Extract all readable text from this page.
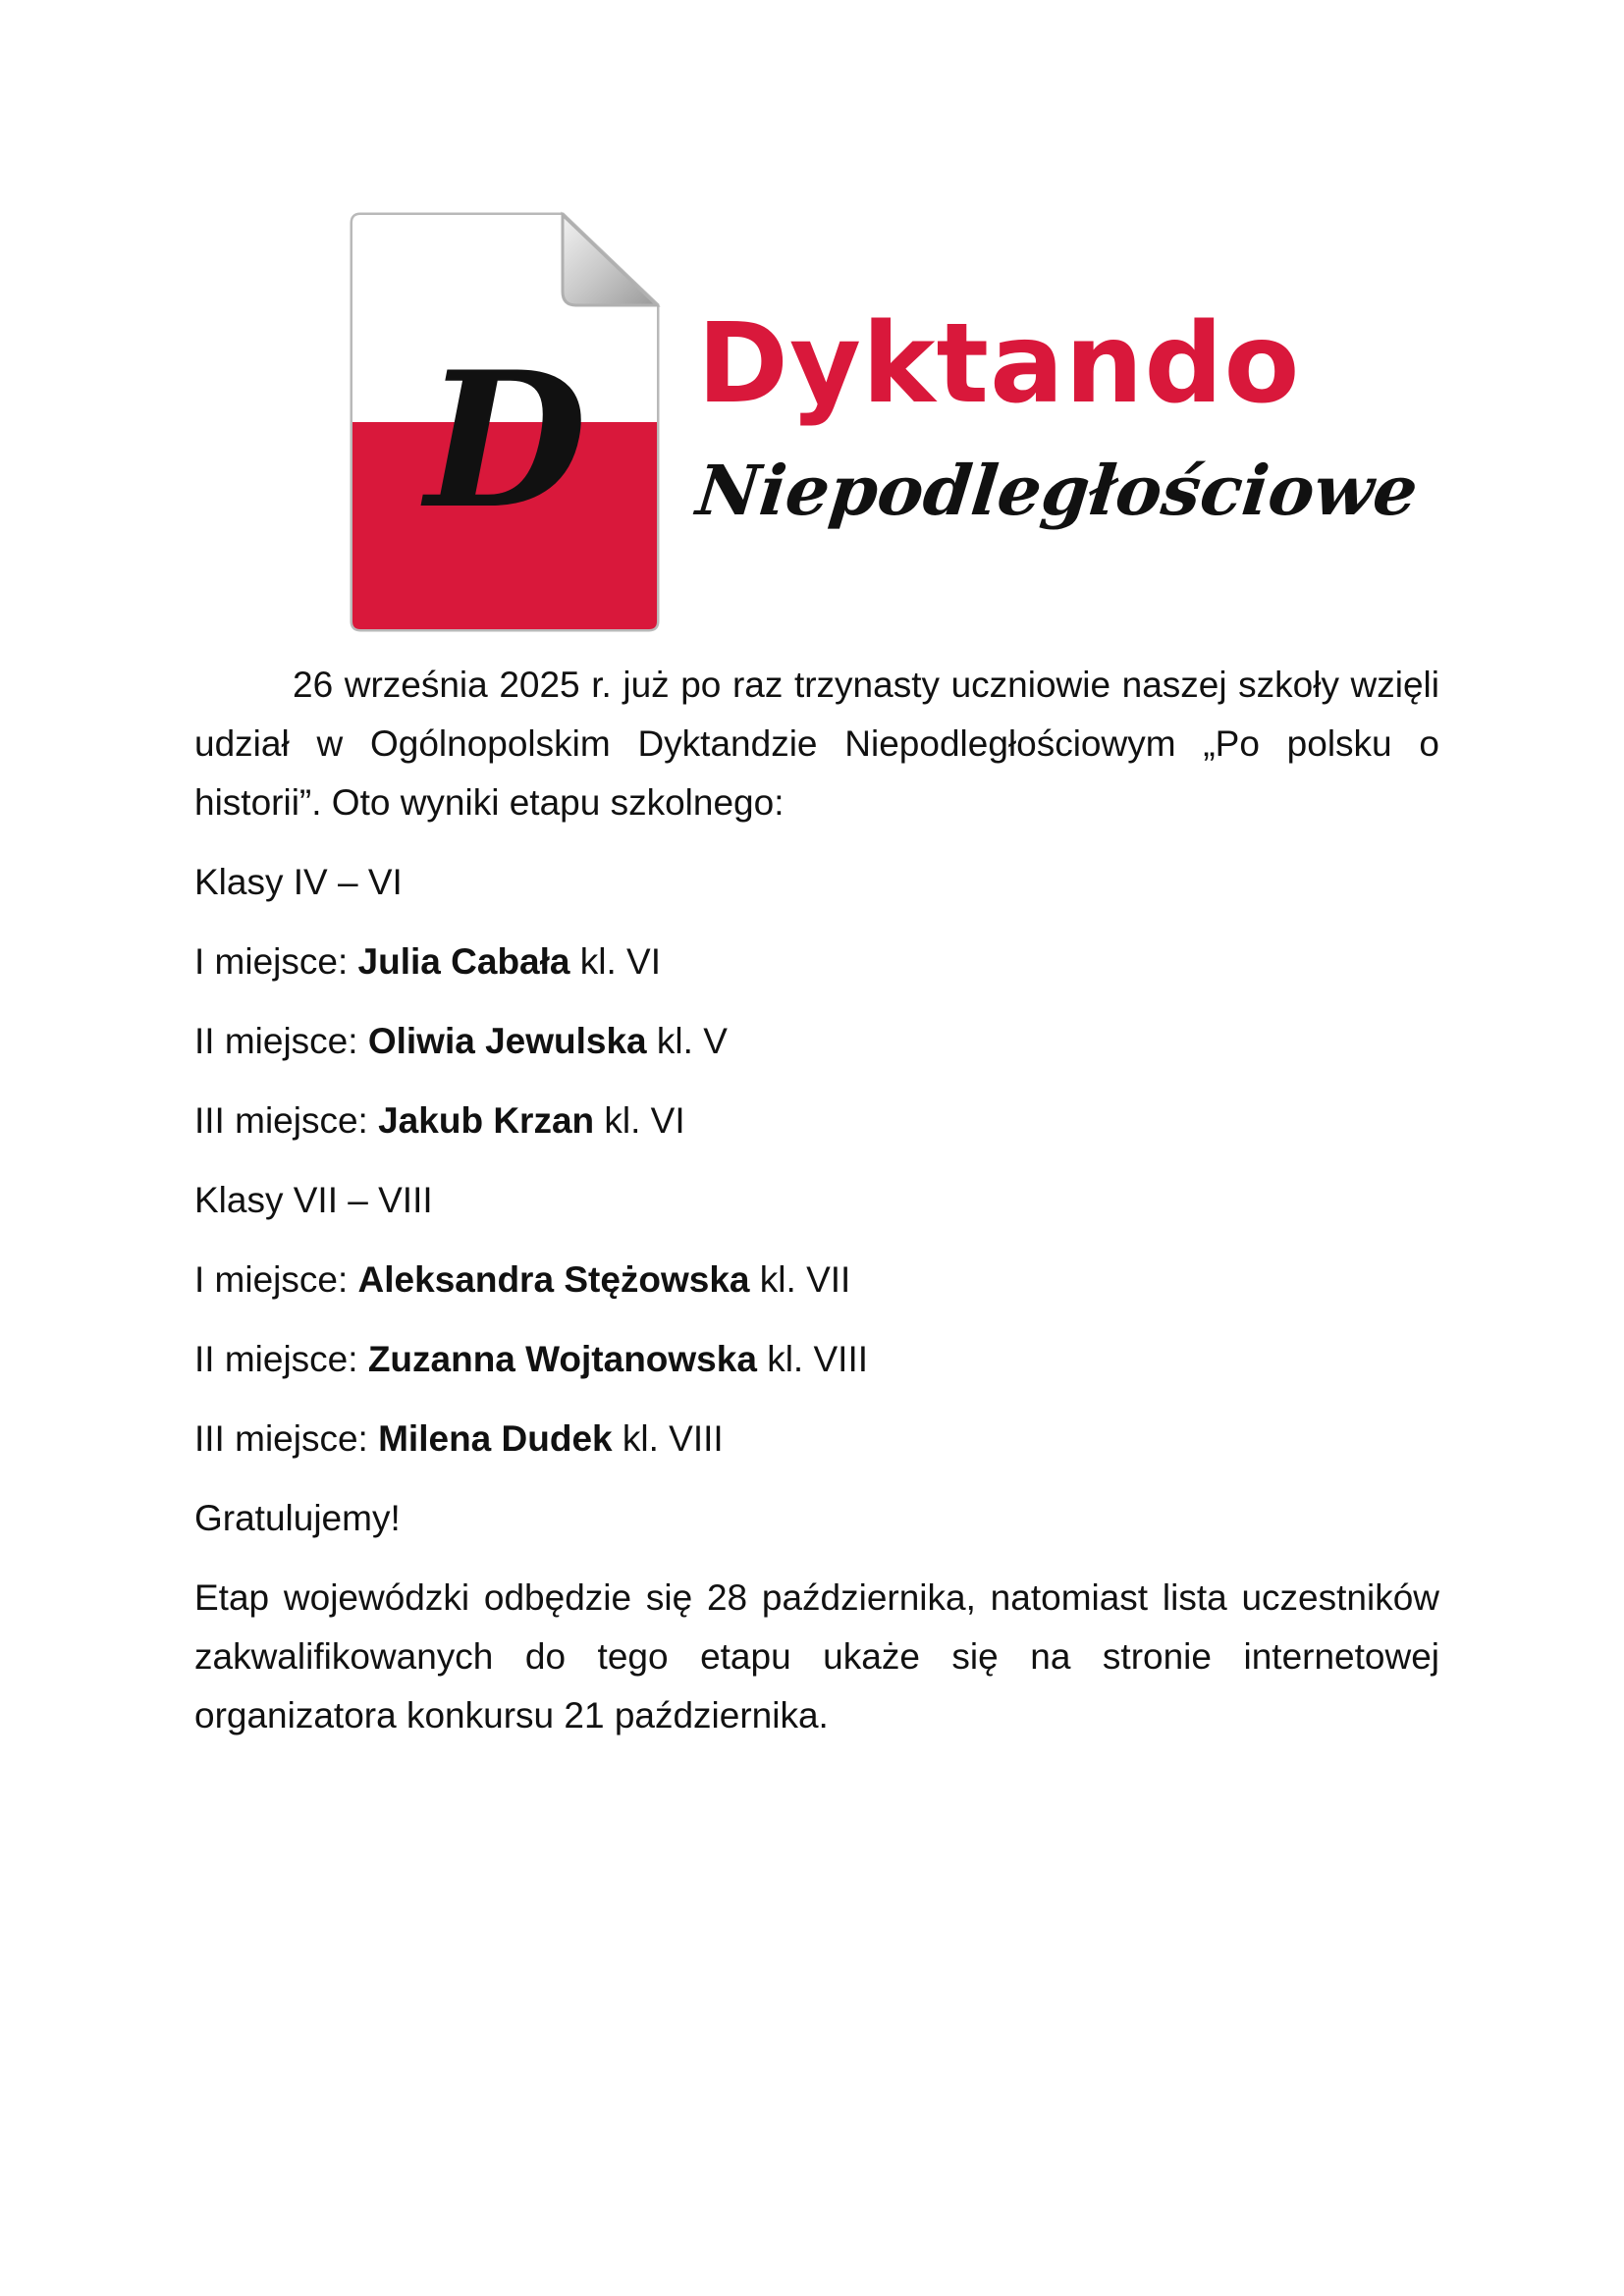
D Dyktando
Niepodległościowe

26 września 2025 r. już po raz trzynasty uczniowie naszej szkoły wzięli udział w Ogólnopolskim Dyktandzie Niepodległościowym „Po polsku o historii”. Oto wyniki etapu szkolnego:

Klasy IV – VI

I miejsce: Julia Cabała kl. VI

II miejsce: Oliwia Jewulska kl. V

III miejsce: Jakub Krzan kl. VI

Klasy VII – VIII

I miejsce: Aleksandra Stężowska kl. VII

II miejsce: Zuzanna Wojtanowska kl. VIII

III miejsce: Milena Dudek kl. VIII

Gratulujemy!

Etap wojewódzki odbędzie się 28 października, natomiast lista uczestników zakwalifikowanych do tego etapu ukaże się na stronie internetowej organizatora konkursu 21 października.
